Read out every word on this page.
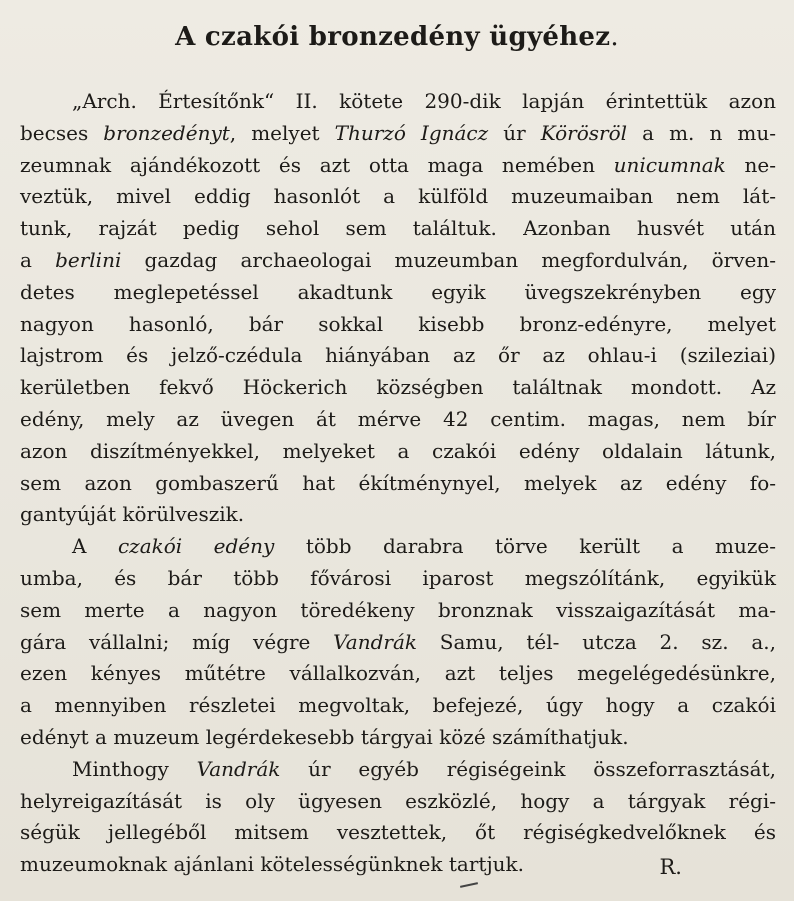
A czakói bronzedény ügyéhez.
„Arch. Értesítőnk“ II. kötete 290-dik lapján érintettük azon
becses bronzedényt, melyet Thurzó Ignácz úr Körösröl a m. n mu-
zeumnak ajándékozott és azt otta maga nemében unicumnak ne-
veztük, mivel eddig hasonlót a külföld muzeumaiban nem lát-
tunk, rajzát pedig sehol sem találtuk. Azonban husvét után
a berlini gazdag archaeologai muzeumban megfordulván, örven-
detes meglepetéssel akadtunk egyik üvegszekrényben egy
nagyon hasonló, bár sokkal kisebb bronz-edényre, melyet
lajstrom és jelző-czédula hiányában az őr az ohlau-i (szileziai)
kerületben fekvő Höckerich községben találtnak mondott. Az
edény, mely az üvegen át mérve 42 centim. magas, nem bír
azon diszítményekkel, melyeket a czakói edény oldalain látunk,
sem azon gombaszerű hat ékítménynyel, melyek az edény fo-
gantyúját körülveszik.
A czakói edény több darabra törve került a muze-
umba, és bár több fővárosi iparost megszólítánk, egyikük
sem merte a nagyon töredékeny bronznak visszaigazítását ma-
gára vállalni; míg végre Vandrák Samu, tél- utcza 2. sz. a.,
ezen kényes műtétre vállalkozván, azt teljes megelégedésünkre,
a mennyiben részletei megvoltak, befejezé, úgy hogy a czakói
edényt a muzeum legérdekesebb tárgyai közé számíthatjuk.
Minthogy Vandrák úr egyéb régiségeink összeforrasztását,
helyreigazítását is oly ügyesen eszközlé, hogy a tárgyak régi-
ségük jellegéből mitsem vesztettek, őt régiségkedvelőknek és
muzeumoknak ajánlani kötelességünknek tartjuk.	R.
